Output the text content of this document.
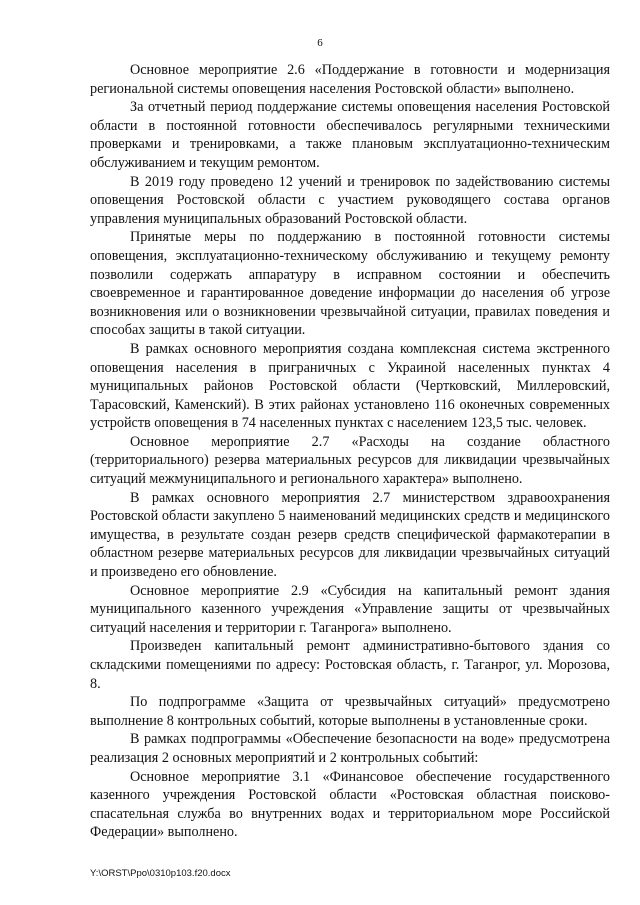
6

Основное мероприятие 2.6 «Поддержание в готовности и модернизация региональной системы оповещения населения Ростовской области» выполнено.

За отчетный период поддержание системы оповещения населения Ростовской области в постоянной готовности обеспечивалось регулярными техническими проверками и тренировками, а также плановым эксплуатационно-техническим обслуживанием и текущим ремонтом.

В 2019 году проведено 12 учений и тренировок по задействованию системы оповещения Ростовской области с участием руководящего состава органов управления муниципальных образований Ростовской области.

Принятые меры по поддержанию в постоянной готовности системы оповещения, эксплуатационно-техническому обслуживанию и текущему ремонту позволили содержать аппаратуру в исправном состоянии и обеспечить своевременное и гарантированное доведение информации до населения об угрозе возникновения или о возникновении чрезвычайной ситуации, правилах поведения и способах защиты в такой ситуации.

В рамках основного мероприятия создана комплексная система экстренного оповещения населения в приграничных с Украиной населенных пунктах 4 муниципальных районов Ростовской области (Чертковский, Миллеровский, Тарасовский, Каменский). В этих районах установлено 116 оконечных современных устройств оповещения в 74 населенных пунктах с населением 123,5 тыс. человек.

Основное мероприятие 2.7 «Расходы на создание областного (территориального) резерва материальных ресурсов для ликвидации чрезвычайных ситуаций межмуниципального и регионального характера» выполнено.

В рамках основного мероприятия 2.7 министерством здравоохранения Ростовской области закуплено 5 наименований медицинских средств и медицинского имущества, в результате создан резерв средств специфической фармакотерапии в областном резерве материальных ресурсов для ликвидации чрезвычайных ситуаций и произведено его обновление.

Основное мероприятие 2.9 «Субсидия на капитальный ремонт здания муниципального казенного учреждения «Управление защиты от чрезвычайных ситуаций населения и территории г. Таганрога» выполнено.

Произведен капитальный ремонт административно-бытового здания со складскими помещениями по адресу: Ростовская область, г. Таганрог, ул. Морозова, 8.

По подпрограмме «Защита от чрезвычайных ситуаций» предусмотрено выполнение 8 контрольных событий, которые выполнены в установленные сроки.

В рамках подпрограммы «Обеспечение безопасности на воде» предусмотрена реализация 2 основных мероприятий и 2 контрольных событий:

Основное мероприятие 3.1 «Финансовое обеспечение государственного казенного учреждения Ростовской области «Ростовская областная поисково-спасательная служба во внутренних водах и территориальном море Российской Федерации» выполнено.

Y:\ORST\Ppo\0310p103.f20.docx
